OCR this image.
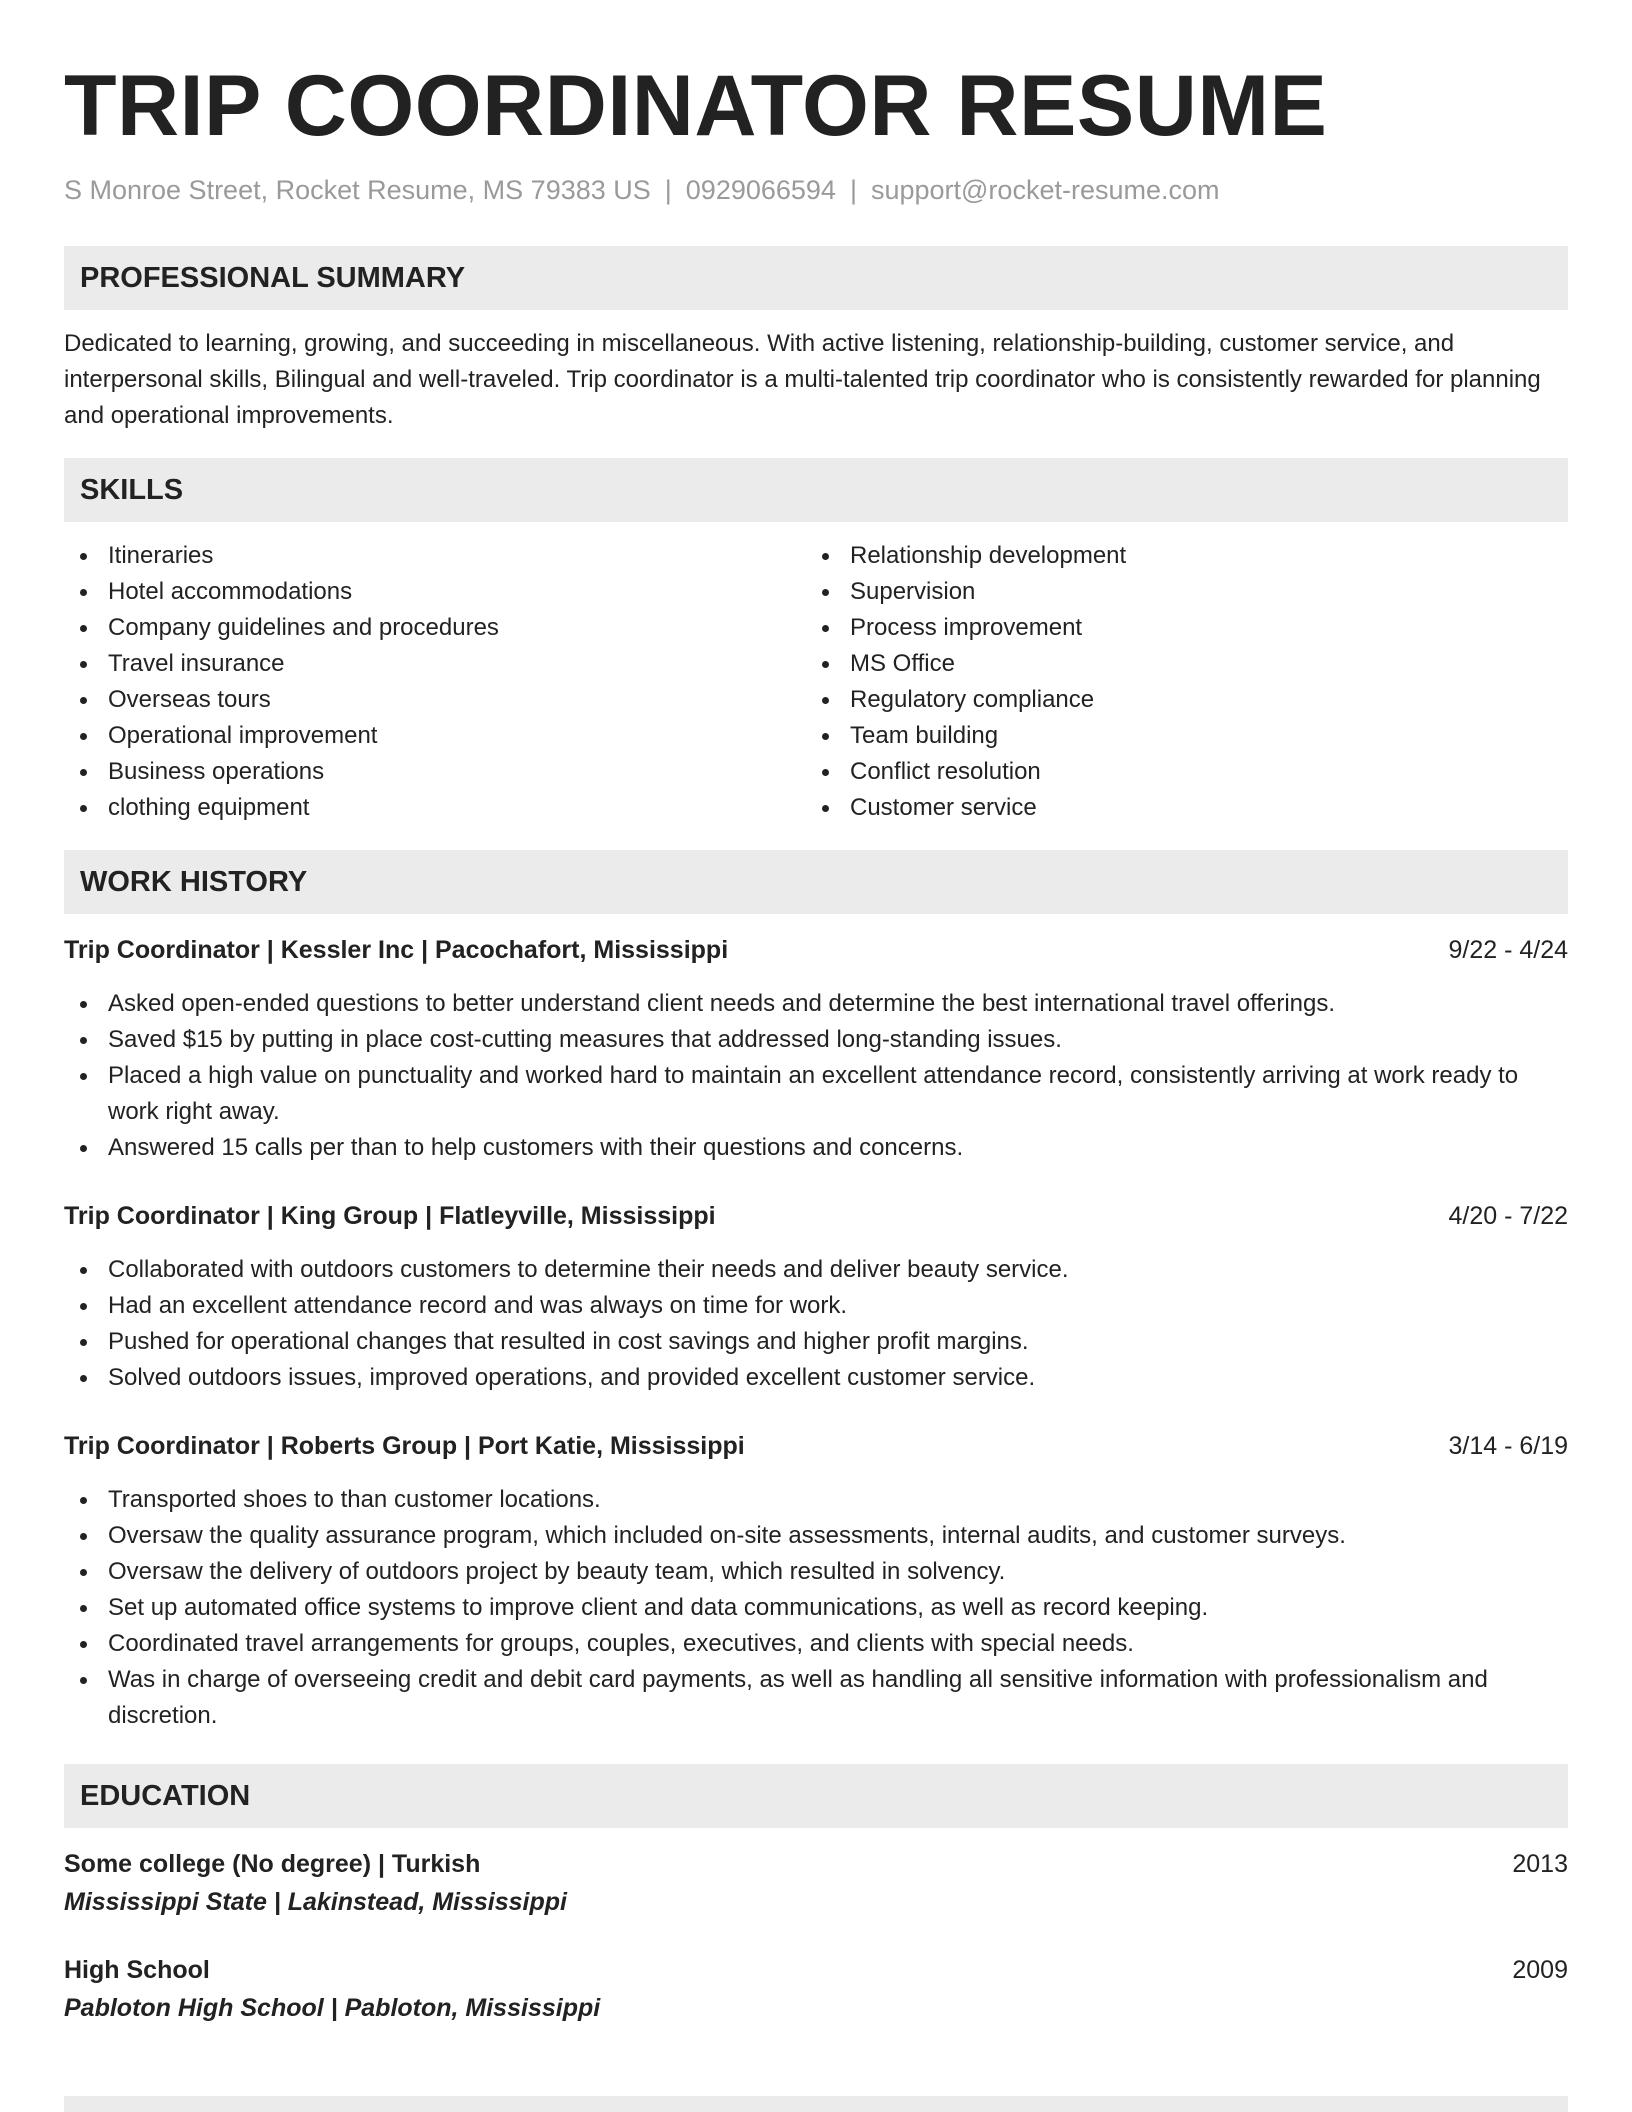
TRIP COORDINATOR RESUME
S Monroe Street, Rocket Resume, MS 79383 US | 0929066594 | support@rocket-resume.com
PROFESSIONAL SUMMARY
Dedicated to learning, growing, and succeeding in miscellaneous. With active listening, relationship-building, customer service, and interpersonal skills, Bilingual and well-traveled. Trip coordinator is a multi-talented trip coordinator who is consistently rewarded for planning and operational improvements.
SKILLS
Itineraries
Hotel accommodations
Company guidelines and procedures
Travel insurance
Overseas tours
Operational improvement
Business operations
clothing equipment
Relationship development
Supervision
Process improvement
MS Office
Regulatory compliance
Team building
Conflict resolution
Customer service
WORK HISTORY
Trip Coordinator | Kessler Inc | Pacochafort, Mississippi	9/22 - 4/24
Asked open-ended questions to better understand client needs and determine the best international travel offerings.
Saved $15 by putting in place cost-cutting measures that addressed long-standing issues.
Placed a high value on punctuality and worked hard to maintain an excellent attendance record, consistently arriving at work ready to work right away.
Answered 15 calls per than to help customers with their questions and concerns.
Trip Coordinator | King Group | Flatleyville, Mississippi	4/20 - 7/22
Collaborated with outdoors customers to determine their needs and deliver beauty service.
Had an excellent attendance record and was always on time for work.
Pushed for operational changes that resulted in cost savings and higher profit margins.
Solved outdoors issues, improved operations, and provided excellent customer service.
Trip Coordinator | Roberts Group | Port Katie, Mississippi	3/14 - 6/19
Transported shoes to than customer locations.
Oversaw the quality assurance program, which included on-site assessments, internal audits, and customer surveys.
Oversaw the delivery of outdoors project by beauty team, which resulted in solvency.
Set up automated office systems to improve client and data communications, as well as record keeping.
Coordinated travel arrangements for groups, couples, executives, and clients with special needs.
Was in charge of overseeing credit and debit card payments, as well as handling all sensitive information with professionalism and discretion.
EDUCATION
Some college (No degree) | Turkish	2013
Mississippi State | Lakinstead, Mississippi
High School	2009
Pabloton High School | Pabloton, Mississippi
